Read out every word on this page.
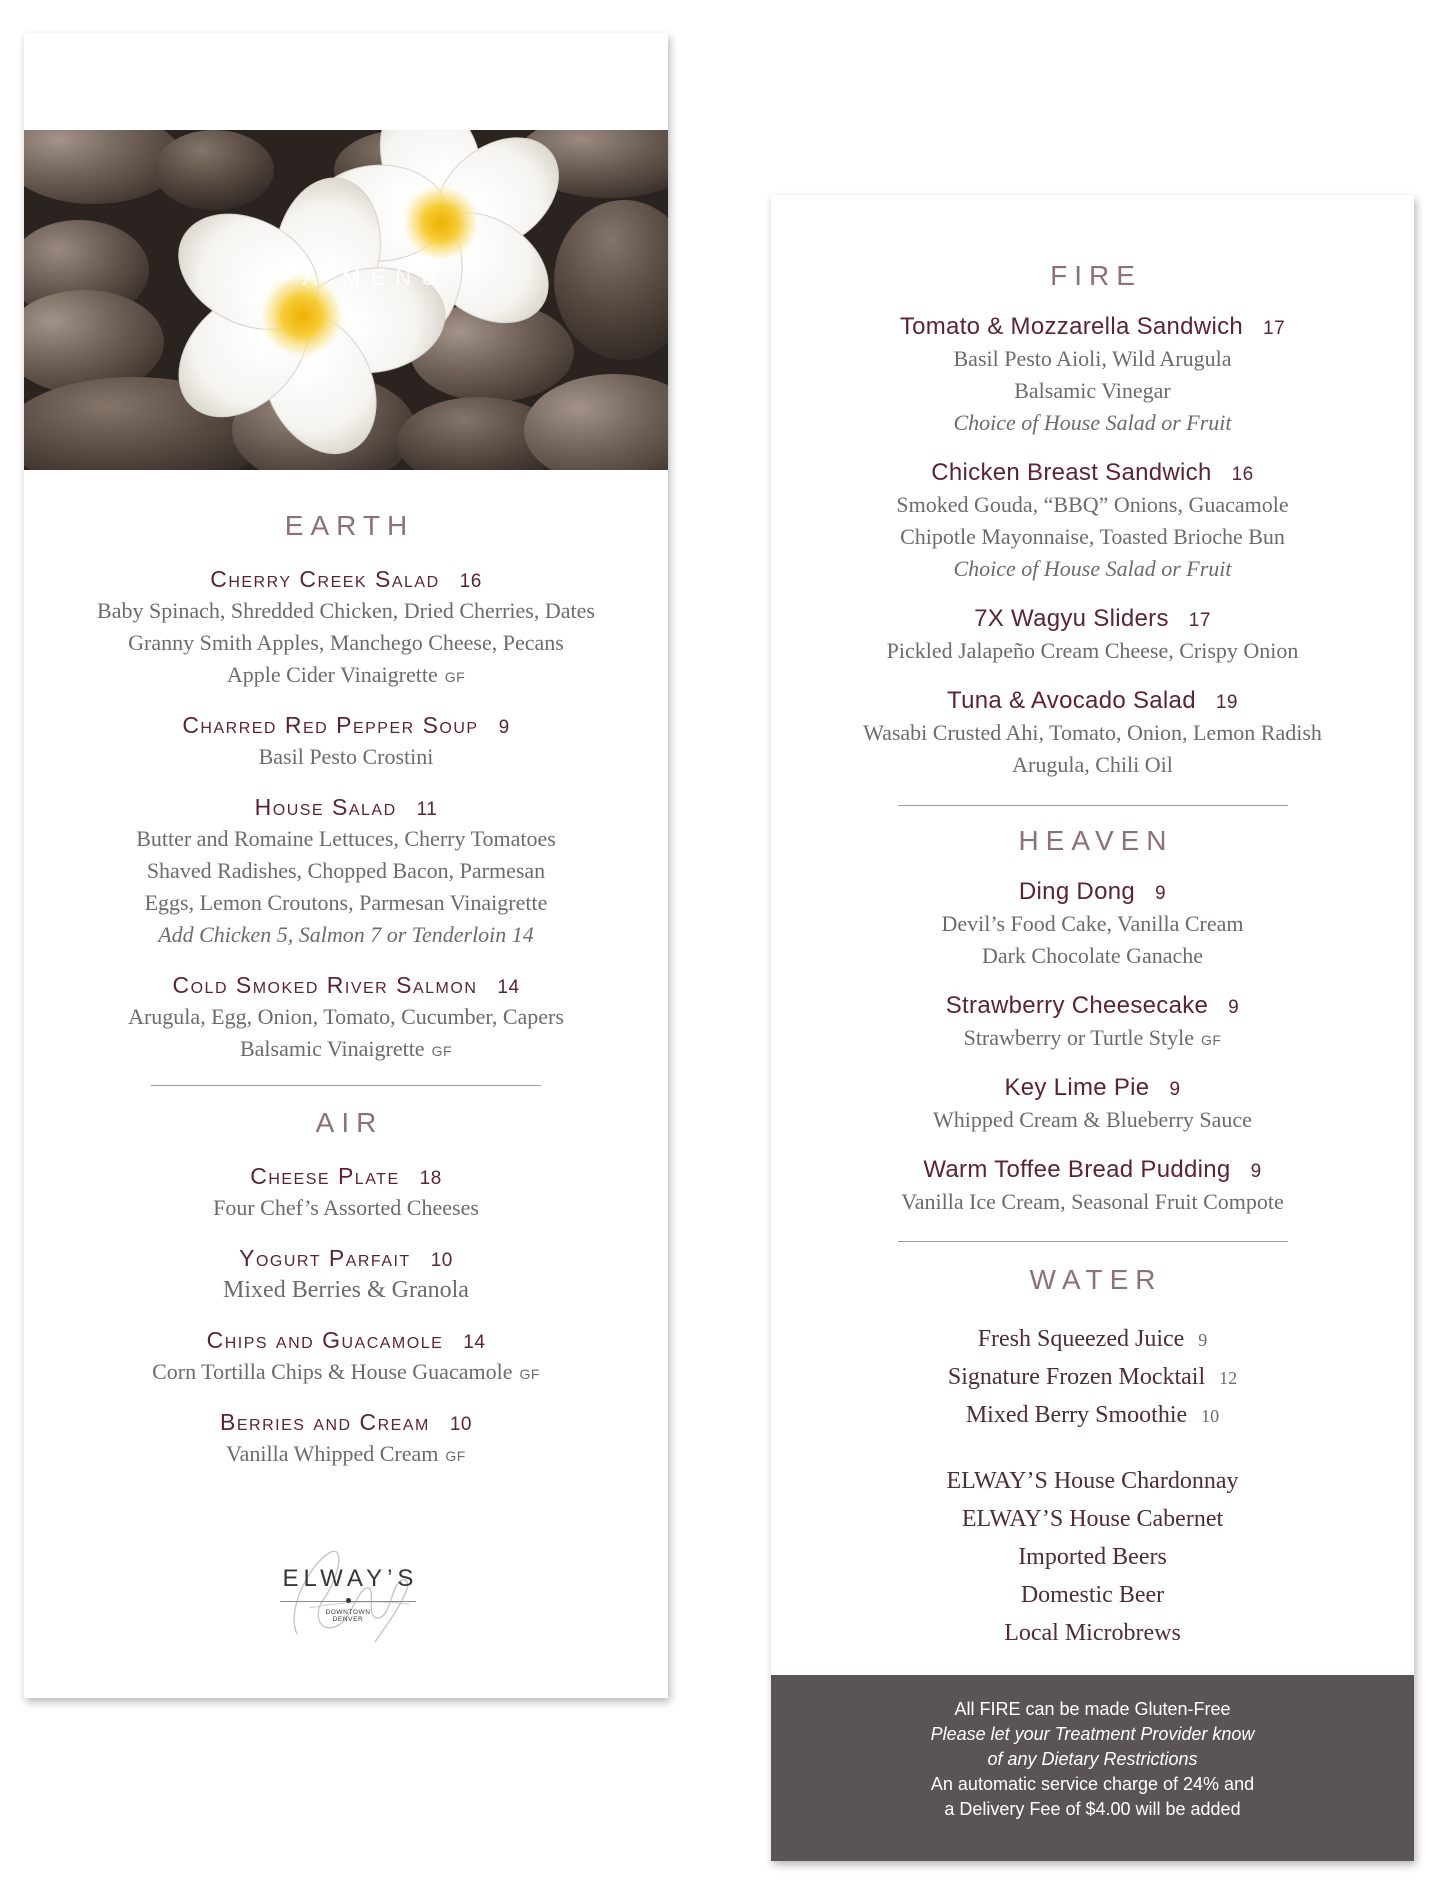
SPA MENU
EARTH
Cherry Creek Salad 16
Baby Spinach, Shredded Chicken, Dried Cherries, Dates
Granny Smith Apples, Manchego Cheese, Pecans
Apple Cider Vinaigrette GF
Charred Red Pepper Soup 9
Basil Pesto Crostini
House Salad 11
Butter and Romaine Lettuces, Cherry Tomatoes
Shaved Radishes, Chopped Bacon, Parmesan
Eggs, Lemon Croutons, Parmesan Vinaigrette
Add Chicken 5, Salmon 7 or Tenderloin 14
Cold Smoked River Salmon 14
Arugula, Egg, Onion, Tomato, Cucumber, Capers
Balsamic Vinaigrette GF
AIR
Cheese Plate 18
Four Chef’s Assorted Cheeses
Yogurt Parfait 10
Mixed Berries & Granola
Chips and Guacamole 14
Corn Tortilla Chips & House Guacamole GF
Berries and Cream 10
Vanilla Whipped Cream GF
ELWAY’S
DOWNTOWN
DENVER
FIRE
Tomato & Mozzarella Sandwich 17
Basil Pesto Aioli, Wild Arugula
Balsamic Vinegar
Choice of House Salad or Fruit
Chicken Breast Sandwich 16
Smoked Gouda, “BBQ” Onions, Guacamole
Chipotle Mayonnaise, Toasted Brioche Bun
Choice of House Salad or Fruit
7X Wagyu Sliders 17
Pickled Jalapeño Cream Cheese, Crispy Onion
Tuna & Avocado Salad 19
Wasabi Crusted Ahi, Tomato, Onion, Lemon Radish
Arugula, Chili Oil
HEAVEN
Ding Dong 9
Devil’s Food Cake, Vanilla Cream
Dark Chocolate Ganache
Strawberry Cheesecake 9
Strawberry or Turtle Style GF
Key Lime Pie 9
Whipped Cream & Blueberry Sauce
Warm Toffee Bread Pudding 9
Vanilla Ice Cream, Seasonal Fruit Compote
WATER
Fresh Squeezed Juice 9
Signature Frozen Mocktail 12
Mixed Berry Smoothie 10
ELWAY’S House Chardonnay
ELWAY’S House Cabernet
Imported Beers
Domestic Beer
Local Microbrews
All FIRE can be made Gluten-Free
Please let your Treatment Provider know
of any Dietary Restrictions
An automatic service charge of 24% and
a Delivery Fee of $4.00 will be added
